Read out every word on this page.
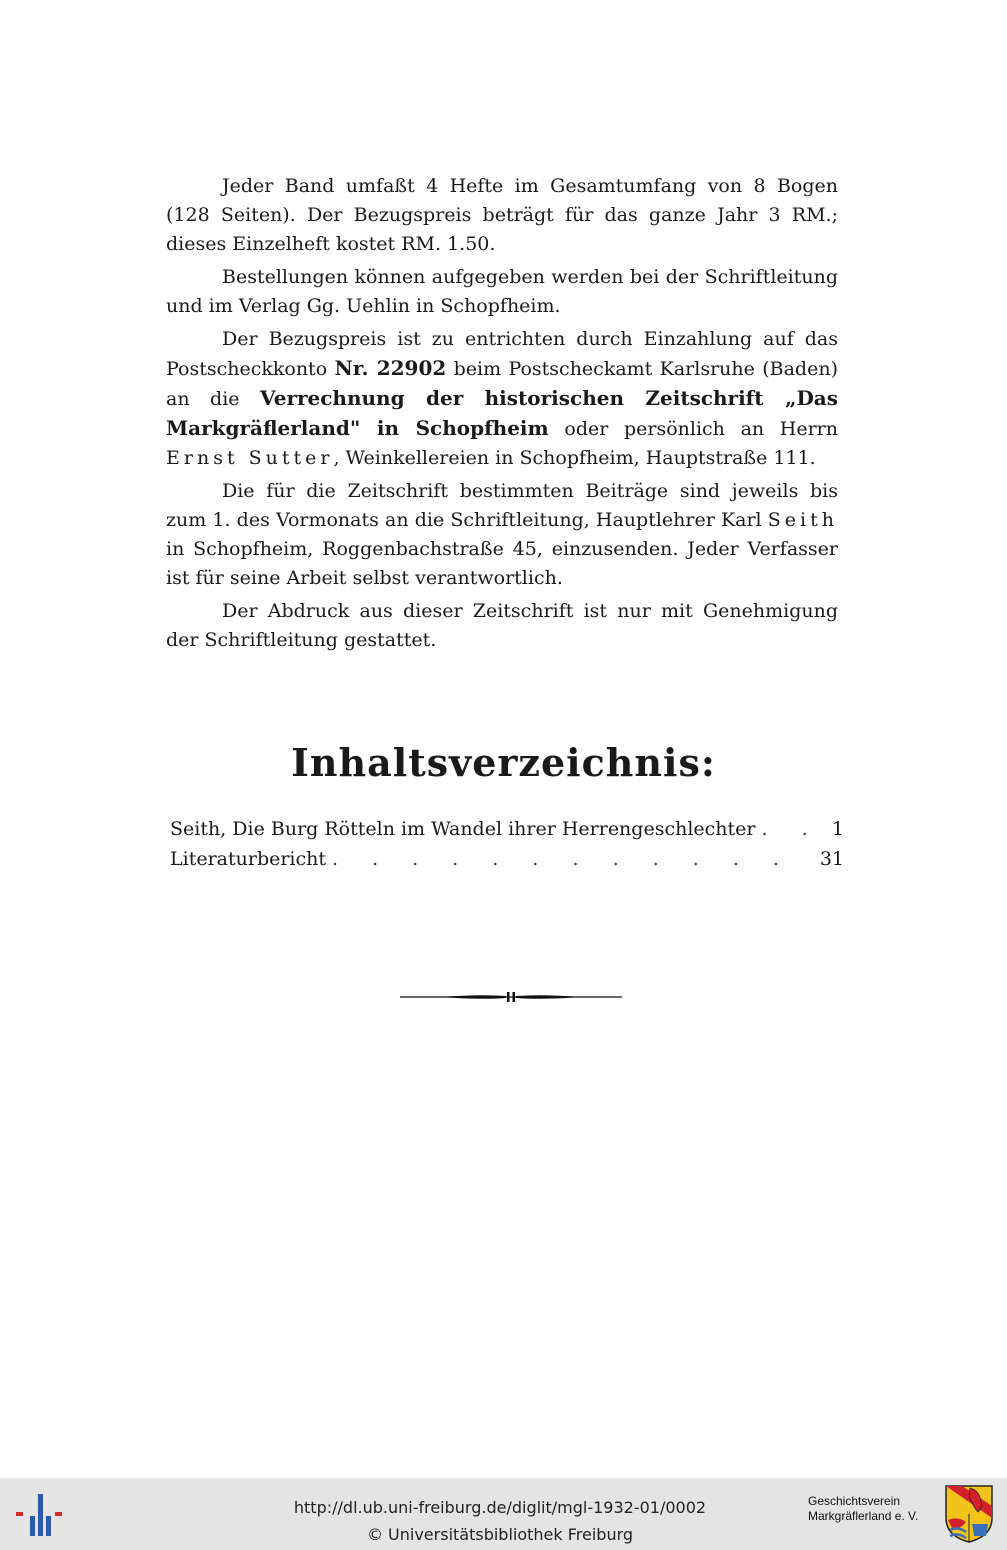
Jeder Band umfaßt 4 Hefte im Gesamtumfang von 8 Bogen (128 Seiten). Der Bezugspreis beträgt für das ganze Jahr 3 RM.; dieses Einzelheft kostet RM. 1.50.

Bestellungen können aufgegeben werden bei der Schriftleitung und im Verlag Gg. Uehlin in Schopfheim.

Der Bezugspreis ist zu entrichten durch Einzahlung auf das Postscheckkonto Nr. 22902 beim Postscheckamt Karlsruhe (Baden) an die Verrechnung der historischen Zeitschrift „Das Markgräflerland" in Schopfheim oder persönlich an Herrn Ernst Sutter, Weinkellereien in Schopfheim, Hauptstraße 111.

Die für die Zeitschrift bestimmten Beiträge sind jeweils bis zum 1. des Vormonats an die Schriftleitung, Hauptlehrer Karl Seith in Schopfheim, Roggenbachstraße 45, einzusenden. Jeder Verfasser ist für seine Arbeit selbst verantwortlich.

Der Abdruck aus dieser Zeitschrift ist nur mit Genehmigung der Schriftleitung gestattet.

Inhaltsverzeichnis:
Seith, Die Burg Rötteln im Wandel ihrer Herrengeschlechter . . .	1
Literaturbericht . . .	31
http://dl.ub.uni-freiburg.de/diglit/mgl-1932-01/0002
© Universitätsbibliothek Freiburg
Geschichtsverein
Markgräflerland e. V.
